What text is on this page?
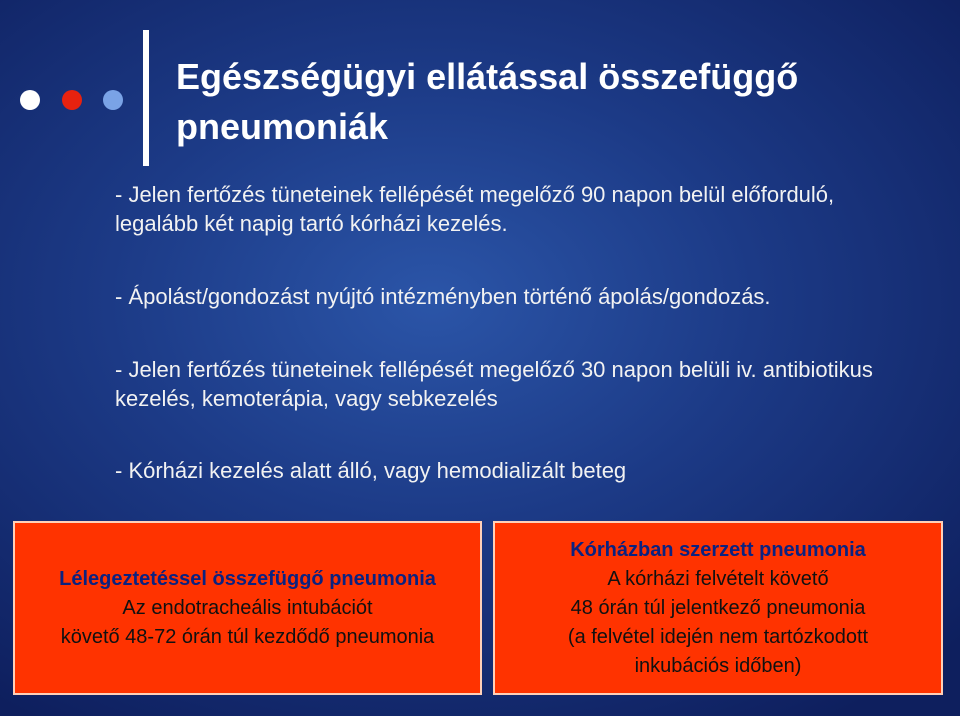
Egészségügyi ellátással összefüggő pneumoniák

- Jelen fertőzés tüneteinek fellépését megelőző 90 napon belül előforduló, legalább két napig tartó kórházi kezelés.

- Ápolást/gondozást nyújtó intézményben történő ápolás/gondozás.

- Jelen fertőzés tüneteinek fellépését megelőző 30 napon belüli iv. antibiotikus kezelés, kemoterápia, vagy sebkezelés

- Kórházi kezelés alatt álló, vagy hemodializált beteg

Lélegeztetéssel összefüggő pneumonia
Az endotracheális intubációt
követő 48-72 órán túl kezdődő pneumonia
Kórházban szerzett pneumonia
A kórházi felvételt követő
48 órán túl jelentkező pneumonia
(a felvétel idején nem tartózkodott
inkubációs időben)
